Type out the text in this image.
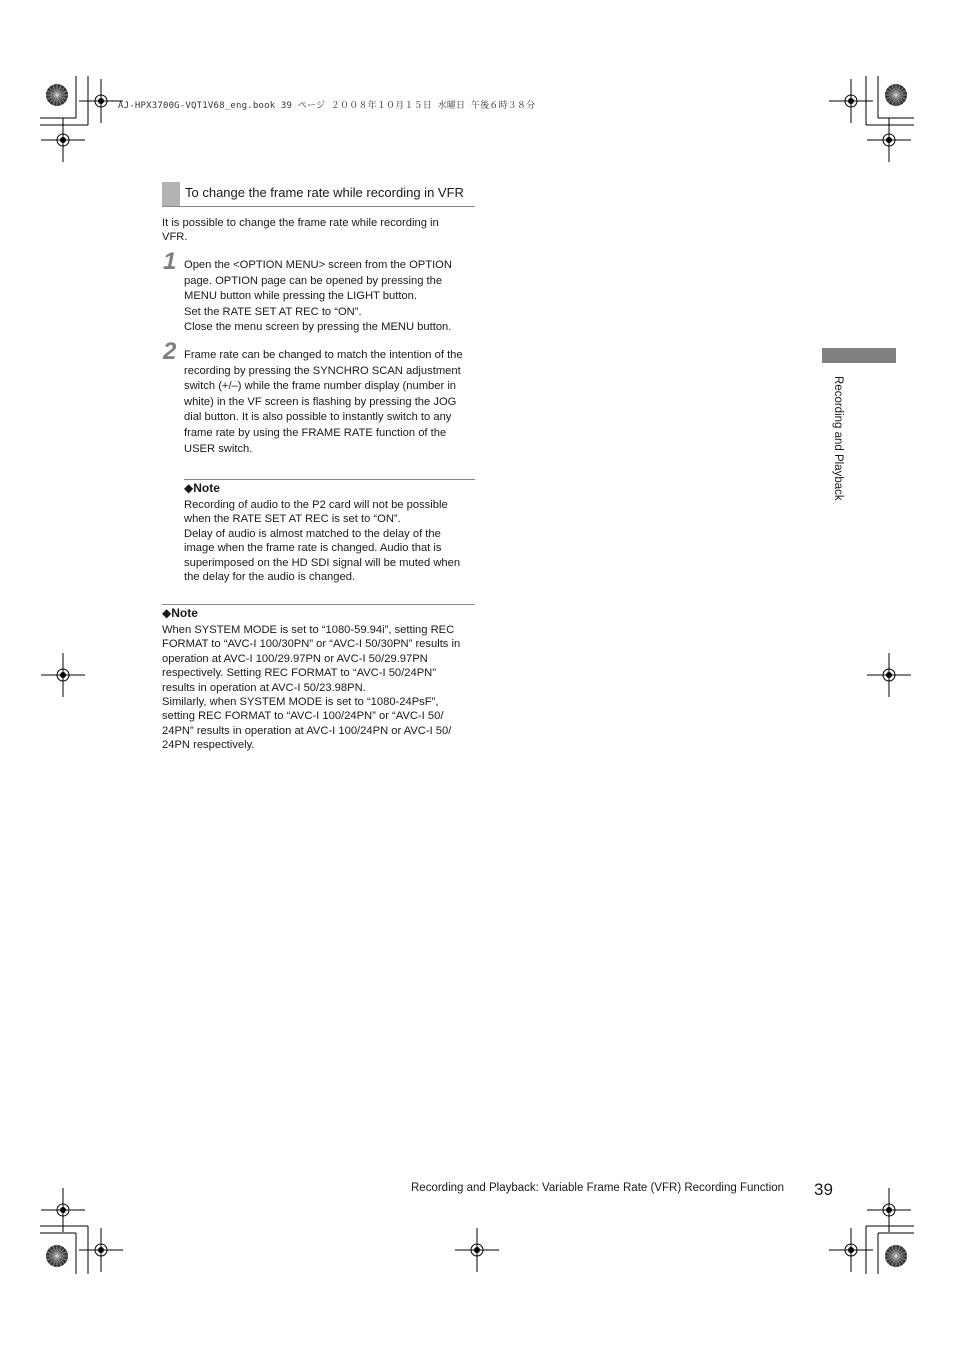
AJ-HPX3700G-VQT1V68_eng.book 39 ページ ２００８年１０月１５日 水曜日 午後６時３８分
To change the frame rate while recording in VFR
It is possible to change the frame rate while recording in
VFR.
1 Open the <OPTION MENU> screen from the OPTION
page. OPTION page can be opened by pressing the
MENU button while pressing the LIGHT button.
Set the RATE SET AT REC to “ON”.
Close the menu screen by pressing the MENU button.
2 Frame rate can be changed to match the intention of the
recording by pressing the SYNCHRO SCAN adjustment
switch (+/–) while the frame number display (number in
white) in the VF screen is flashing by pressing the JOG
dial button. It is also possible to instantly switch to any
frame rate by using the FRAME RATE function of the
USER switch.
◆Note
Recording of audio to the P2 card will not be possible
when the RATE SET AT REC is set to “ON”.
Delay of audio is almost matched to the delay of the
image when the frame rate is changed. Audio that is
superimposed on the HD SDI signal will be muted when
the delay for the audio is changed.
◆Note
When SYSTEM MODE is set to “1080-59.94i”, setting REC
FORMAT to “AVC-I 100/30PN” or “AVC-I 50/30PN” results in
operation at AVC-I 100/29.97PN or AVC-I 50/29.97PN
respectively. Setting REC FORMAT to “AVC-I 50/24PN”
results in operation at AVC-I 50/23.98PN.
Similarly, when SYSTEM MODE is set to “1080-24PsF”,
setting REC FORMAT to “AVC-I 100/24PN” or “AVC-I 50/
24PN” results in operation at AVC-I 100/24PN or AVC-I 50/
24PN respectively.
Recording and Playback
Recording and Playback: Variable Frame Rate (VFR) Recording Function 39
